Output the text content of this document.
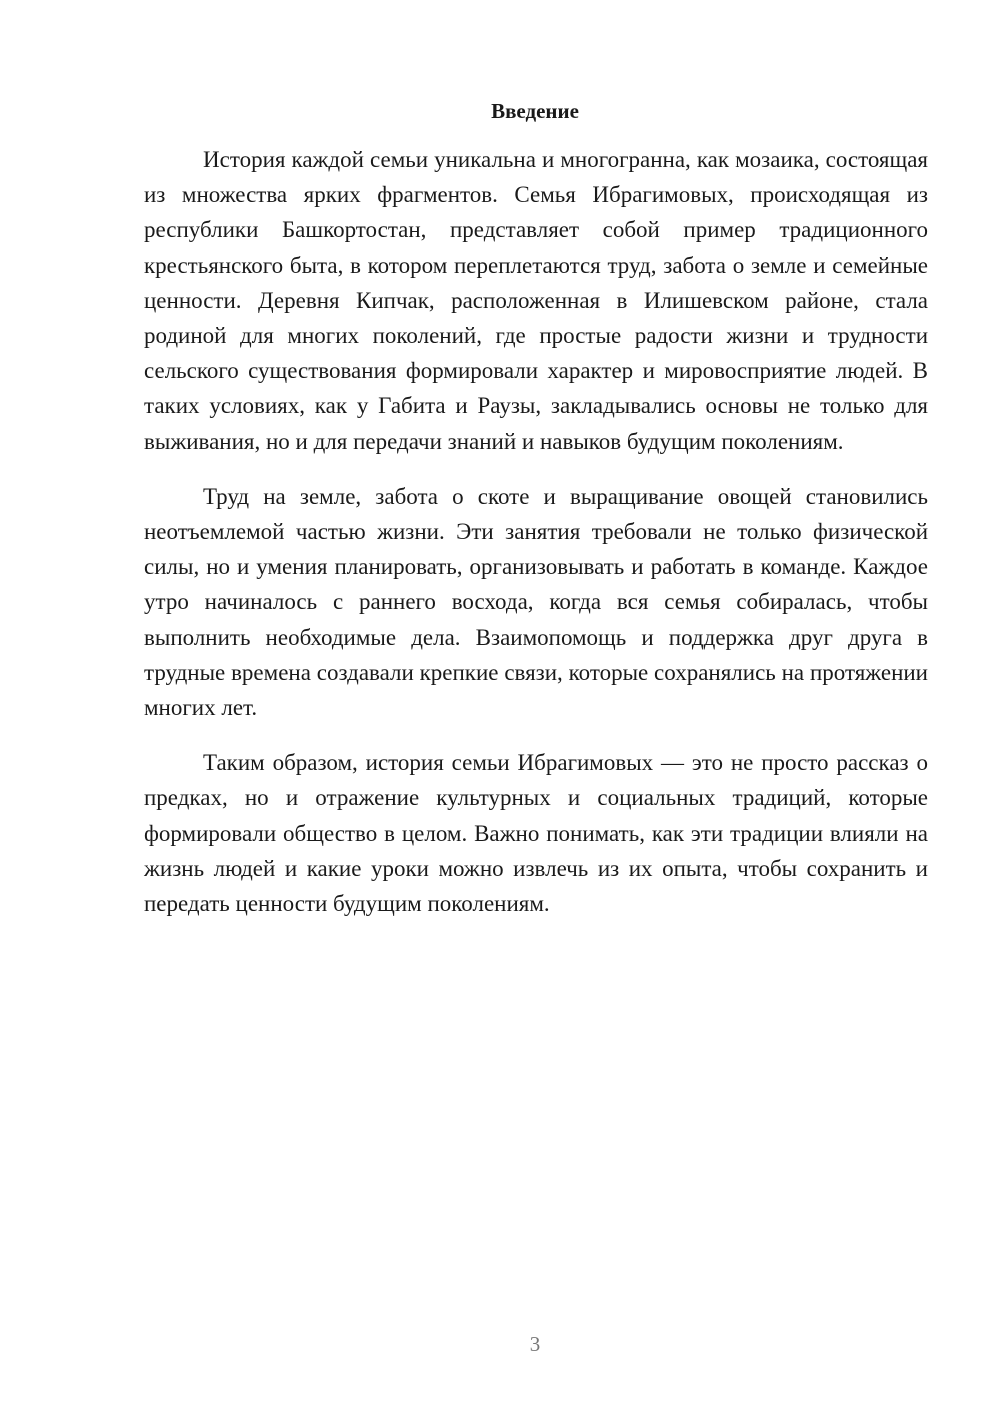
Введение

История каждой семьи уникальна и многогранна, как мозаика, состоящая из множества ярких фрагментов. Семья Ибрагимовых, происходящая из республики Башкортостан, представляет собой пример традиционного крестьянского быта, в котором переплетаются труд, забота о земле и семейные ценности. Деревня Кипчак, расположенная в Илишевском районе, стала родиной для многих поколений, где простые радости жизни и трудности сельского существования формировали характер и мировосприятие людей. В таких условиях, как у Габита и Раузы, закладывались основы не только для выживания, но и для передачи знаний и навыков будущим поколениям.

Труд на земле, забота о скоте и выращивание овощей становились неотъемлемой частью жизни. Эти занятия требовали не только физической силы, но и умения планировать, организовывать и работать в команде. Каждое утро начиналось с раннего восхода, когда вся семья собиралась, чтобы выполнить необходимые дела. Взаимопомощь и поддержка друг друга в трудные времена создавали крепкие связи, которые сохранялись на протяжении многих лет.

Таким образом, история семьи Ибрагимовых — это не просто рассказ о предках, но и отражение культурных и социальных традиций, которые формировали общество в целом. Важно понимать, как эти традиции влияли на жизнь людей и какие уроки можно извлечь из их опыта, чтобы сохранить и передать ценности будущим поколениям.

3
